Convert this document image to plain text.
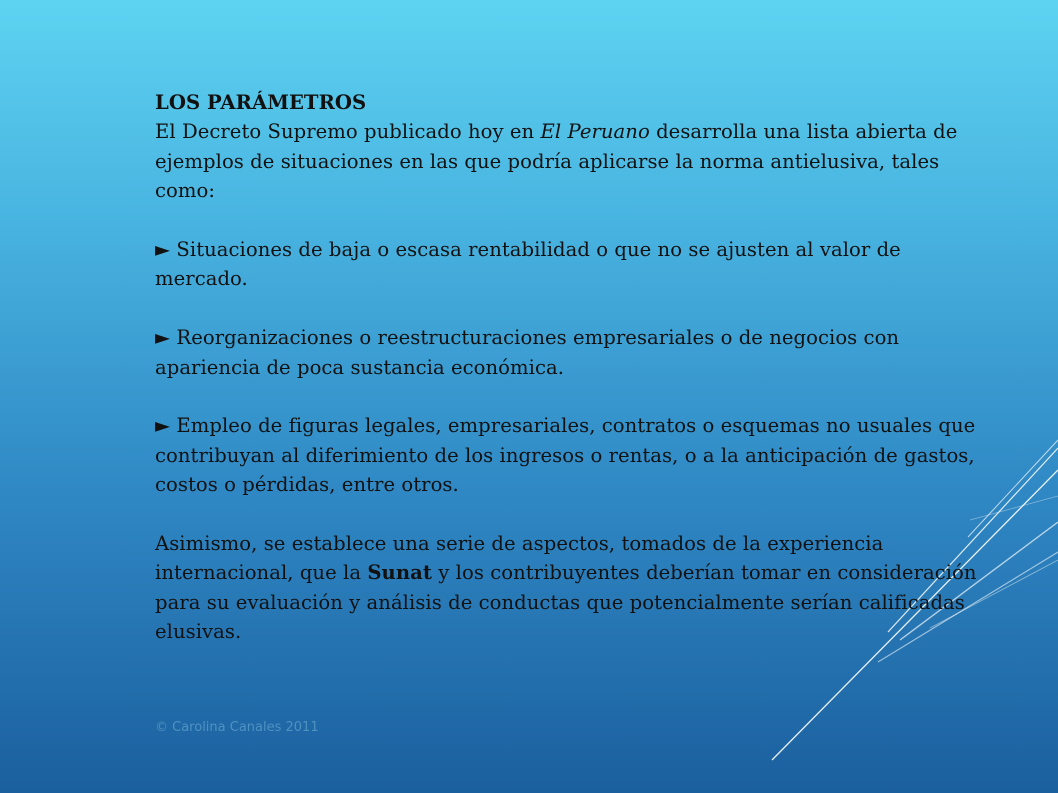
LOS PARÁMETROS

El Decreto Supremo publicado hoy en El Peruano desarrolla una lista abierta de ejemplos de situaciones en las que podría aplicarse la norma antielusiva, tales como:

► Situaciones de baja o escasa rentabilidad o que no se ajusten al valor de mercado.

► Reorganizaciones o reestructuraciones empresariales o de negocios con apariencia de poca sustancia económica.

► Empleo de figuras legales, empresariales, contratos o esquemas no usuales que contribuyan al diferimiento de los ingresos o rentas, o a la anticipación de gastos, costos o pérdidas, entre otros.

Asimismo, se establece una serie de aspectos, tomados de la experiencia internacional, que la Sunat y los contribuyentes deberían tomar en consideración para su evaluación y análisis de conductas que potencialmente serían calificadas elusivas.

© Carolina Canales 2011
